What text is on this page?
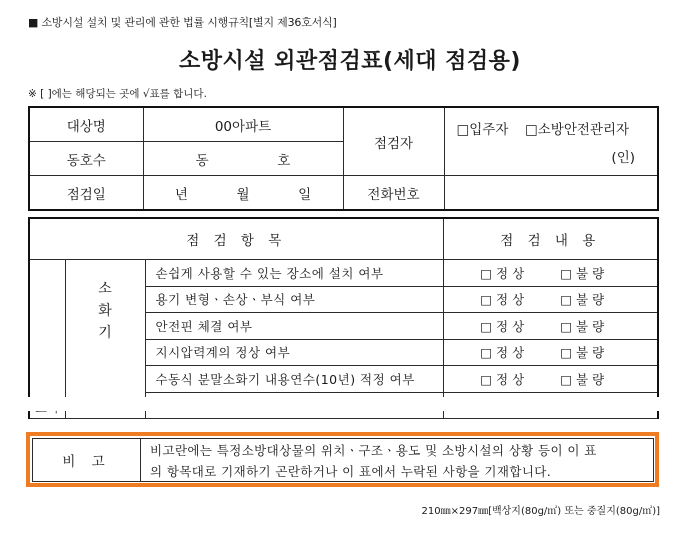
■ 소방시설 설치 및 관리에 관한 법률 시행규칙[별지 제36호서식]
소방시설 외관점검표(세대 점검용)
※ [ ]에는 해당되는 곳에 √표를 합니다.
대상명	00아파트	점검자	□입주자 □소방안전관리자
(인)

동호수	동 호		
점검일	년 월 일	전화번호	
점 검 항 목			점 검 내 용
	소
화
기	손쉽게 사용할 수 있는 장소에 설치 여부	□ 정 상 □ 불 량
		용기 변형ㆍ손상ㆍ부식 여부	□ 정 상 □ 불 량
		안전핀 체결 여부	□ 정 상 □ 불 량
		지시압력계의 정상 여부	□ 정 상 □ 불 량
		수동식 분말소화기 내용연수(10년) 적정 여부	□ 정 상 □ 불 량

비 고	비고란에는 특정소방대상물의 위치ㆍ구조ㆍ용도 및 소방시설의 상황 등이 이 표
의 항목대로 기재하기 곤란하거나 이 표에서 누락된 사항을 기재합니다.
210㎜×297㎜[백상지(80g/㎡) 또는 중질지(80g/㎡)]
